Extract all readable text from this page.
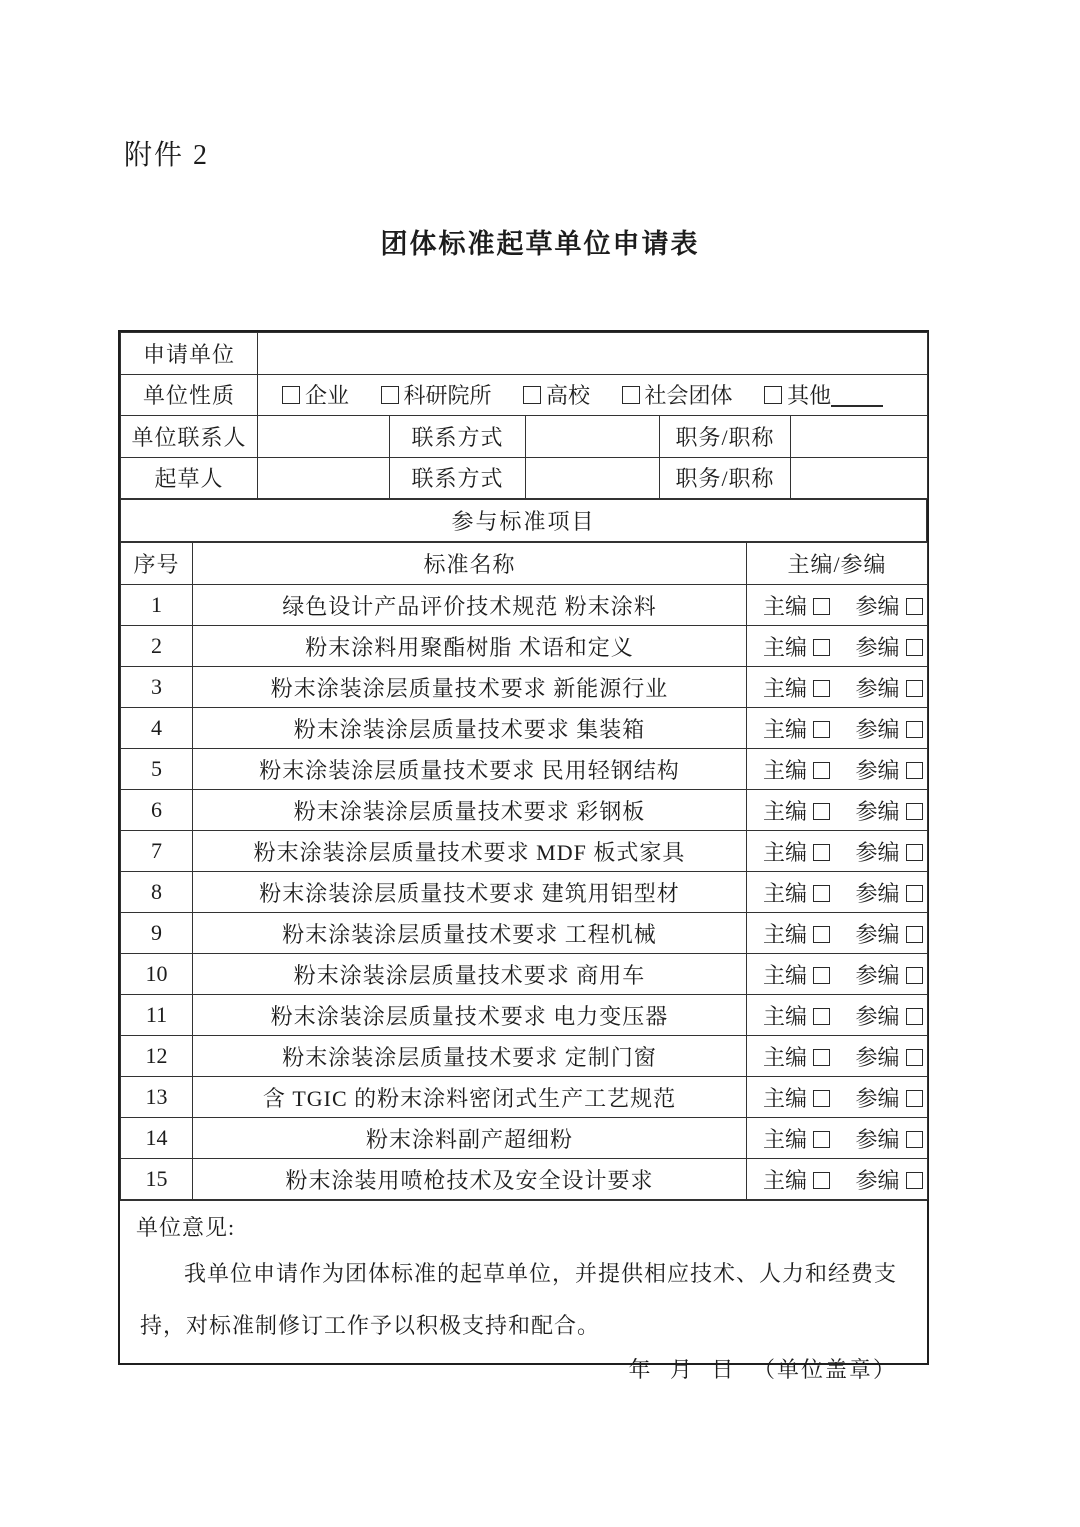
附件 2
团体标准起草单位申请表
申请单位					
单位性质	企业 科研院所 高校 社会团体 其他				
单位联系人		联系方式		职务/职称	
起草人		联系方式		职务/职称	
参与标准项目
序号	标准名称	主编/参编
1	绿色设计产品评价技术规范 粉末涂料	主编 参编
2	粉末涂料用聚酯树脂 术语和定义	主编 参编
3	粉末涂装涂层质量技术要求 新能源行业	主编 参编
4	粉末涂装涂层质量技术要求 集装箱	主编 参编
5	粉末涂装涂层质量技术要求 民用轻钢结构	主编 参编
6	粉末涂装涂层质量技术要求 彩钢板	主编 参编
7	粉末涂装涂层质量技术要求 MDF 板式家具	主编 参编
8	粉末涂装涂层质量技术要求 建筑用铝型材	主编 参编
9	粉末涂装涂层质量技术要求 工程机械	主编 参编
10	粉末涂装涂层质量技术要求 商用车	主编 参编
11	粉末涂装涂层质量技术要求 电力变压器	主编 参编
12	粉末涂装涂层质量技术要求 定制门窗	主编 参编
13	含 TGIC 的粉末涂料密闭式生产工艺规范	主编 参编
14	粉末涂料副产超细粉	主编 参编
15	粉末涂装用喷枪技术及安全设计要求	主编 参编
单位意见:
我单位申请作为团体标准的起草单位，并提供相应技术、人力和经费支持，对标准制修订工作予以积极支持和配合。
年 月 日 （单位盖章）
